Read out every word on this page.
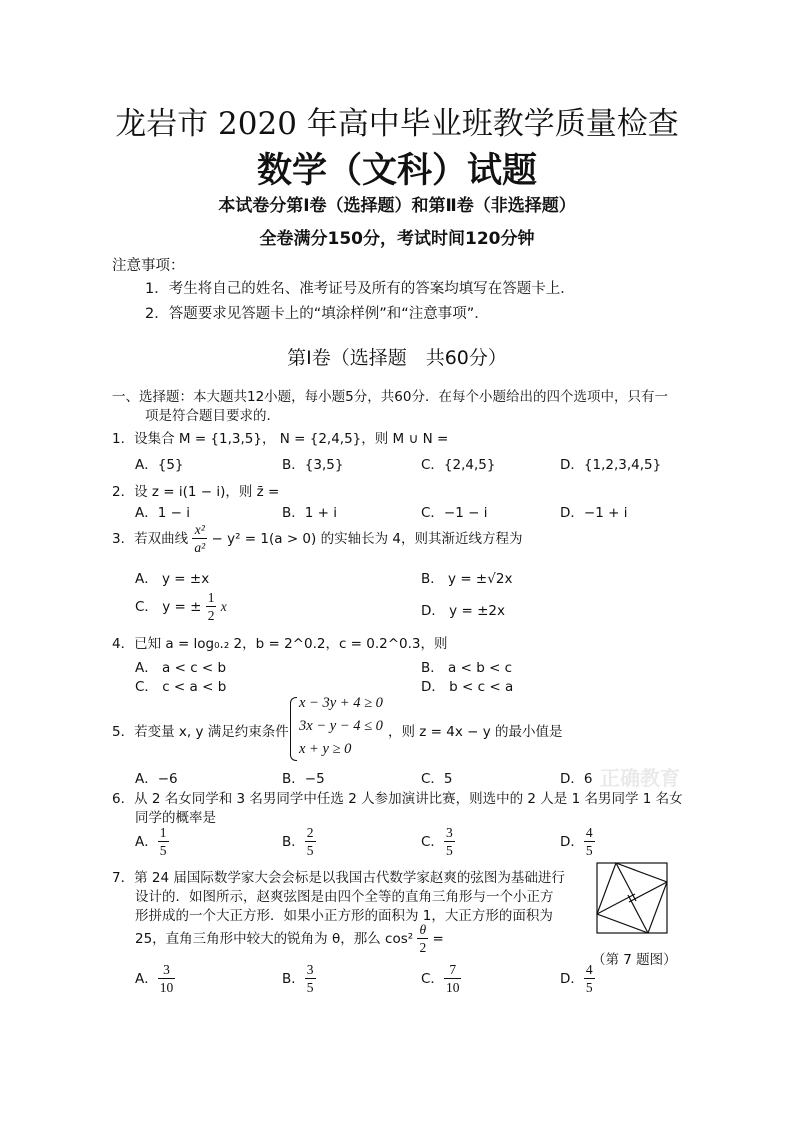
龙岩市 2020 年高中毕业班教学质量检查
数学（文科）试题
本试卷分第Ⅰ卷（选择题）和第Ⅱ卷（非选择题）
全卷满分150分，考试时间120分钟
注意事项：
1．考生将自己的姓名、准考证号及所有的答案均填写在答题卡上．
2．答题要求见答题卡上的“填涂样例”和“注意事项”．
第Ⅰ卷（选择题　共60分）
一、选择题：本大题共12小题，每小题5分，共60分．在每个小题给出的四个选项中，只有一
项是符合题目要求的．
1．设集合 M = {1,3,5}， N = {2,4,5}，则 M ∪ N =
A．{5}	B．{3,5}	C．{2,4,5}	D．{1,2,3,4,5}
2．设 z = i(1 − i)，则 z̄ =
A．1 − i	B．1 + i	C．−1 − i	D．−1 + i
3．若双曲线 $\frac{\text{x²}}{\text{a²}} - y^2 = 1(a > 0)$ 的实轴长为 4，则其渐近线方程为
A． y = ±x	B． y = ±√2x
C． y = ± $\frac{1}{2}$ x	D． y = ±2x
4．已知 a = log₀.₂ 2，b = 2^0.2，c = 0.2^0.3，则
A． a < c < b	B． a < b < c
C． c < a < b	D． b < c < a
5．若变量 x, y 满足约束条件
x − 3y + 4 ≥ 0
3x − y − 4 ≤ 0
x + y ≥ 0
，则 z = 4x − y 的最小值是
A．−6	B．−5	C．5	D．6 正确教育
6．从 2 名女同学和 3 名男同学中任选 2 人参加演讲比赛，则选中的 2 人是 1 名男同学 1 名女
同学的概率是
A． $\frac{1}{5}$	B． $\frac{2}{5}$	C． $\frac{3}{5}$	D． $\frac{4}{5}$
7．第 24 届国际数学家大会会标是以我国古代数学家赵爽的弦图为基础进行
设计的．如图所示，赵爽弦图是由四个全等的直角三角形与一个小正方
形拼成的一个大正方形．如果小正方形的面积为 1，大正方形的面积为
25，直角三角形中较大的锐角为 θ，那么 $\cos^2 \frac{\theta}{2}$ =
（第 7 题图）
A． $\frac{3}{10}$	B． $\frac{3}{5}$	C． $\frac{7}{10}$	D． $\frac{4}{5}$
